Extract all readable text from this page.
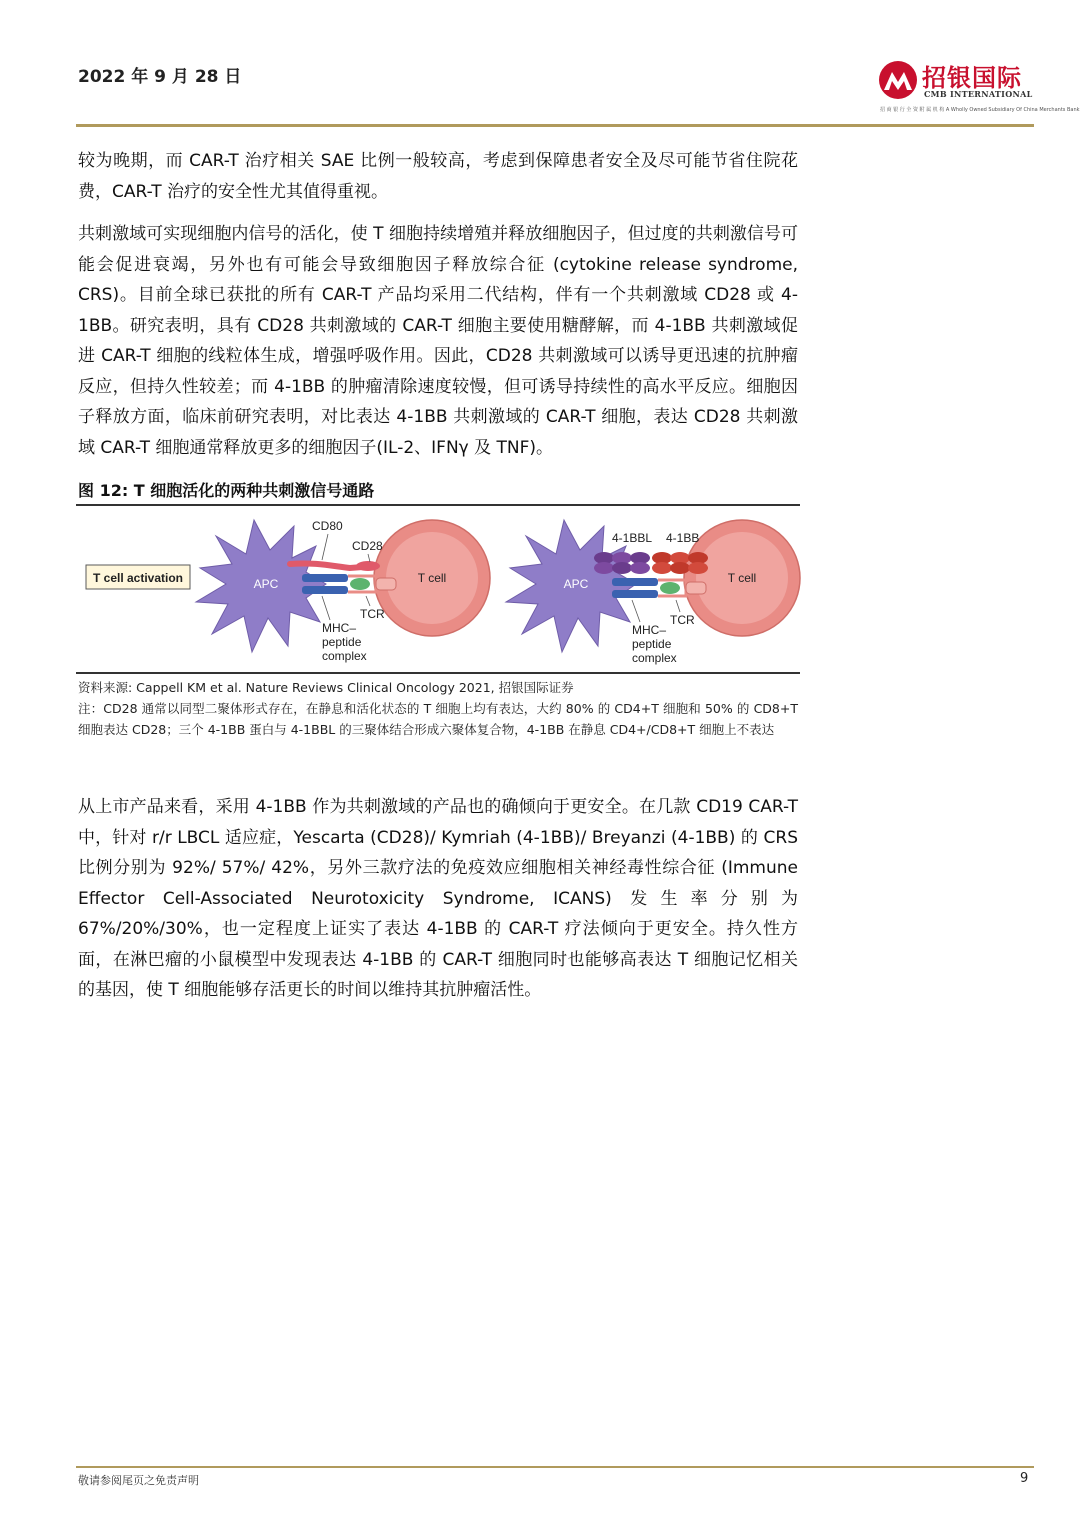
2022 年 9 月 28 日	招银国际
CMB INTERNATIONAL
招 商 银 行 全 资 附 属 机 构 A Wholly Owned Subsidiary Of China Merchants Bank

较为晚期，而 CAR-T 治疗相关 SAE 比例一般较高，考虑到保障患者安全及尽可能节省住院花费，CAR-T 治疗的安全性尤其值得重视。

共刺激域可实现细胞内信号的活化，使 T 细胞持续增殖并释放细胞因子，但过度的共刺激信号可能会促进衰竭，另外也有可能会导致细胞因子释放综合征 (cytokine release syndrome, CRS)。目前全球已获批的所有 CAR-T 产品均采用二代结构，伴有一个共刺激域 CD28 或 4-1BB。研究表明，具有 CD28 共刺激域的 CAR-T 细胞主要使用糖酵解，而 4-1BB 共刺激域促进 CAR-T 细胞的线粒体生成，增强呼吸作用。因此，CD28 共刺激域可以诱导更迅速的抗肿瘤反应，但持久性较差；而 4-1BB 的肿瘤清除速度较慢，但可诱导持续性的高水平反应。细胞因子释放方面，临床前研究表明，对比表达 4-1BB 共刺激域的 CAR-T 细胞，表达 CD28 共刺激域 CAR-T 细胞通常释放更多的细胞因子(IL-2、IFNγ 及 TNF)。

图 12: T 细胞活化的两种共刺激信号通路
T cell activation	APC	T cell
CD80
CD28
TCR
MHC–
peptide
complex
APC	T cell
4-1BBL 4-1BB
TCR
MHC–
peptide
complex
资料来源: Cappell KM et al. Nature Reviews Clinical Oncology 2021, 招银国际证券

注：CD28 通常以同型二聚体形式存在，在静息和活化状态的 T 细胞上均有表达，大约 80% 的 CD4+T 细胞和 50% 的 CD8+T 细胞表达 CD28；三个 4-1BB 蛋白与 4-1BBL 的三聚体结合形成六聚体复合物，4-1BB 在静息 CD4+/CD8+T 细胞上不表达

从上市产品来看，采用 4-1BB 作为共刺激域的产品也的确倾向于更安全。在几款 CD19 CAR-T 中，针对 r/r LBCL 适应症，Yescarta (CD28)/ Kymriah (4-1BB)/ Breyanzi (4-1BB) 的 CRS 比例分别为 92%/ 57%/ 42%，另外三款疗法的免疫效应细胞相关神经毒性综合征 (Immune Effector Cell-Associated Neurotoxicity Syndrome, ICANS) 发生率分别为 67%/20%/30%，也一定程度上证实了表达 4-1BB 的 CAR-T 疗法倾向于更安全。持久性方面，在淋巴瘤的小鼠模型中发现表达 4-1BB 的 CAR-T 细胞同时也能够高表达 T 细胞记忆相关的基因，使 T 细胞能够存活更长的时间以维持其抗肿瘤活性。

敬请参阅尾页之免责声明	9
